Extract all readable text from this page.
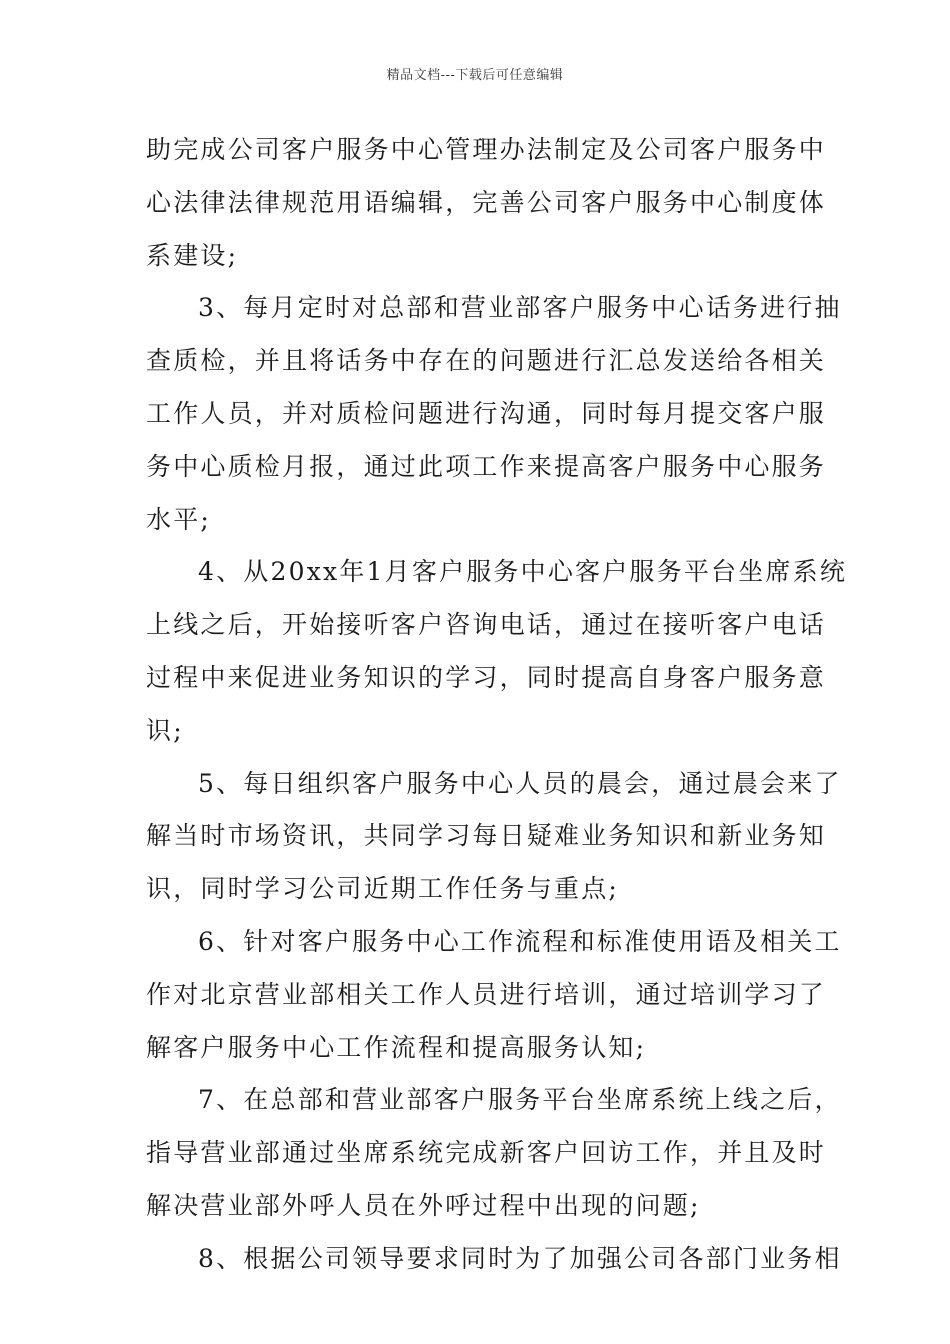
精品文档---下载后可任意编辑
助完成公司客户服务中心管理办法制定及公司客户服务中
心法律法律规范用语编辑，完善公司客户服务中心制度体
系建设;
3、每月定时对总部和营业部客户服务中心话务进行抽
查质检，并且将话务中存在的问题进行汇总发送给各相关
工作人员，并对质检问题进行沟通，同时每月提交客户服
务中心质检月报，通过此项工作来提高客户服务中心服务
水平;
4、从20xx年1月客户服务中心客户服务平台坐席系统
上线之后，开始接听客户咨询电话，通过在接听客户电话
过程中来促进业务知识的学习，同时提高自身客户服务意
识;
5、每日组织客户服务中心人员的晨会，通过晨会来了
解当时市场资讯，共同学习每日疑难业务知识和新业务知
识，同时学习公司近期工作任务与重点;
6、针对客户服务中心工作流程和标准使用语及相关工
作对北京营业部相关工作人员进行培训，通过培训学习了
解客户服务中心工作流程和提高服务认知;
7、在总部和营业部客户服务平台坐席系统上线之后，
指导营业部通过坐席系统完成新客户回访工作，并且及时
解决营业部外呼人员在外呼过程中出现的问题;
8、根据公司领导要求同时为了加强公司各部门业务相
